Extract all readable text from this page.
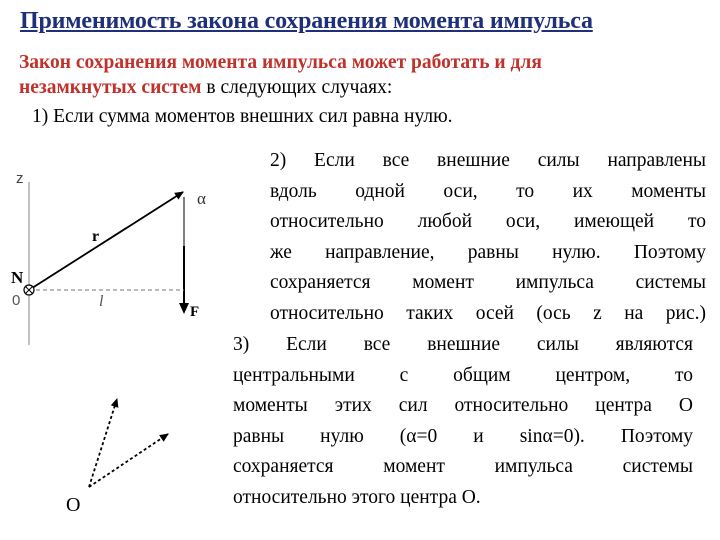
Применимость закона сохранения момента импульса
Закон сохранения момента импульса может работать и для
незамкнутых систем в следующих случаях:
1) Если сумма моментов внешних сил равна нулю.
2) Если все внешние силы направлены
вдоль одной оси, то их моменты
относительно любой оси, имеющей то
же направление, равны нулю. Поэтому
сохраняется момент импульса системы
относительно таких осей (ось z на рис.)
3) Если все внешние силы являются
центральными с общим центром, то
моменты этих сил относительно центра О
равны нулю (α=0 и sinα=0). Поэтому
сохраняется момент импульса системы
относительно этого центра О.
z
r
α
F
l
N
0
O
